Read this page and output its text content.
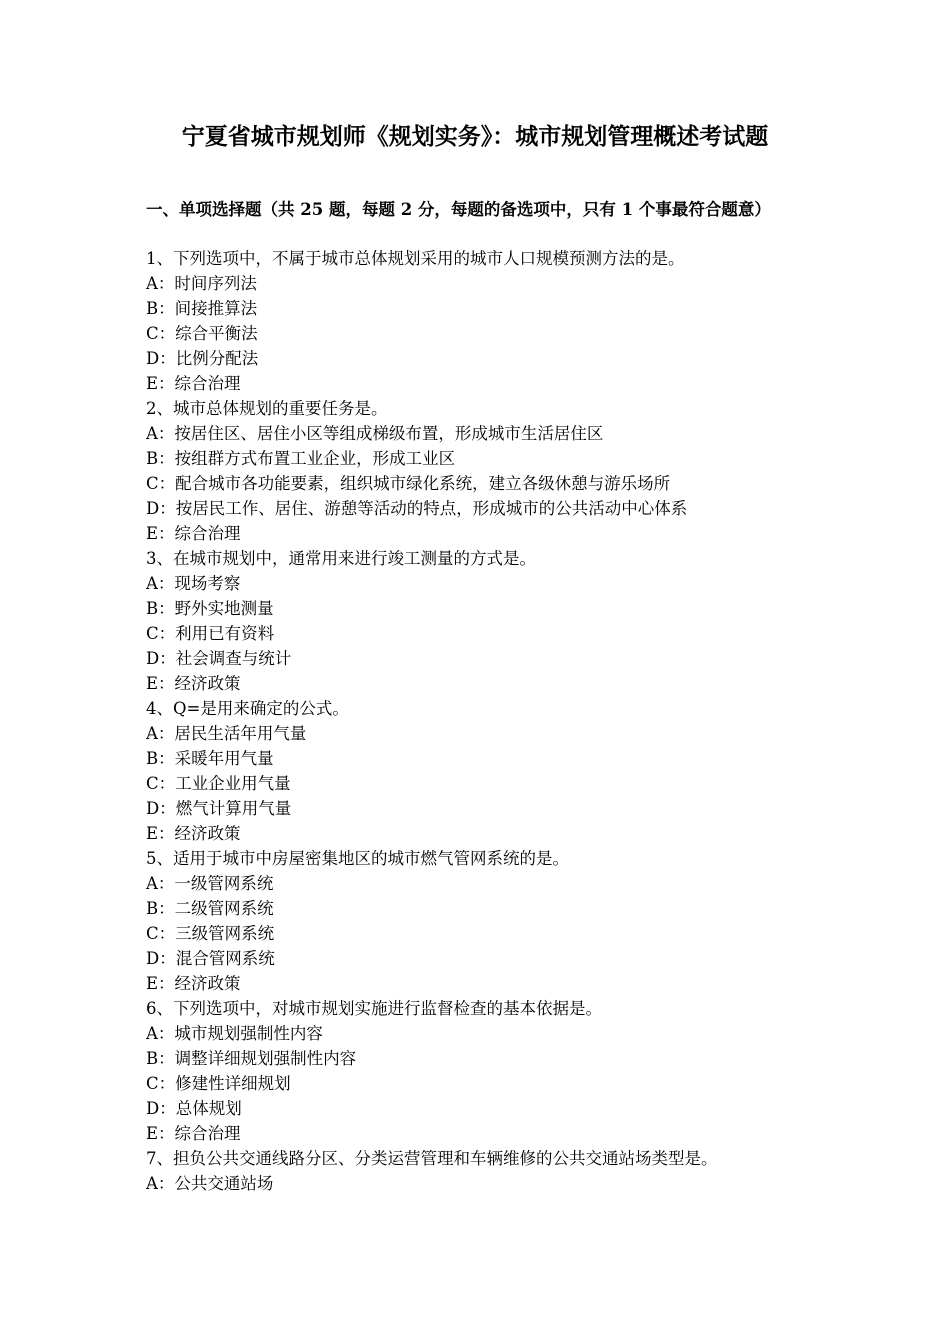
宁夏省城市规划师《规划实务》：城市规划管理概述考试题
一、单项选择题（共 25 题，每题 2 分，每题的备选项中，只有 1 个事最符合题意）
1、下列选项中，不属于城市总体规划采用的城市人口规模预测方法的是。
A：时间序列法
B：间接推算法
C：综合平衡法
D：比例分配法
E：综合治理
2、城市总体规划的重要任务是。
A：按居住区、居住小区等组成梯级布置，形成城市生活居住区
B：按组群方式布置工业企业，形成工业区
C：配合城市各功能要素，组织城市绿化系统，建立各级休憩与游乐场所
D：按居民工作、居住、游憩等活动的特点，形成城市的公共活动中心体系
E：综合治理
3、在城市规划中，通常用来进行竣工测量的方式是。
A：现场考察
B：野外实地测量
C：利用已有资料
D：社会调查与统计
E：经济政策
4、Q=是用来确定的公式。
A：居民生活年用气量
B：采暖年用气量
C：工业企业用气量
D：燃气计算用气量
E：经济政策
5、适用于城市中房屋密集地区的城市燃气管网系统的是。
A：一级管网系统
B：二级管网系统
C：三级管网系统
D：混合管网系统
E：经济政策
6、下列选项中，对城市规划实施进行监督检查的基本依据是。
A：城市规划强制性内容
B：调整详细规划强制性内容
C：修建性详细规划
D：总体规划
E：综合治理
7、担负公共交通线路分区、分类运营管理和车辆维修的公共交通站场类型是。
A：公共交通站场
